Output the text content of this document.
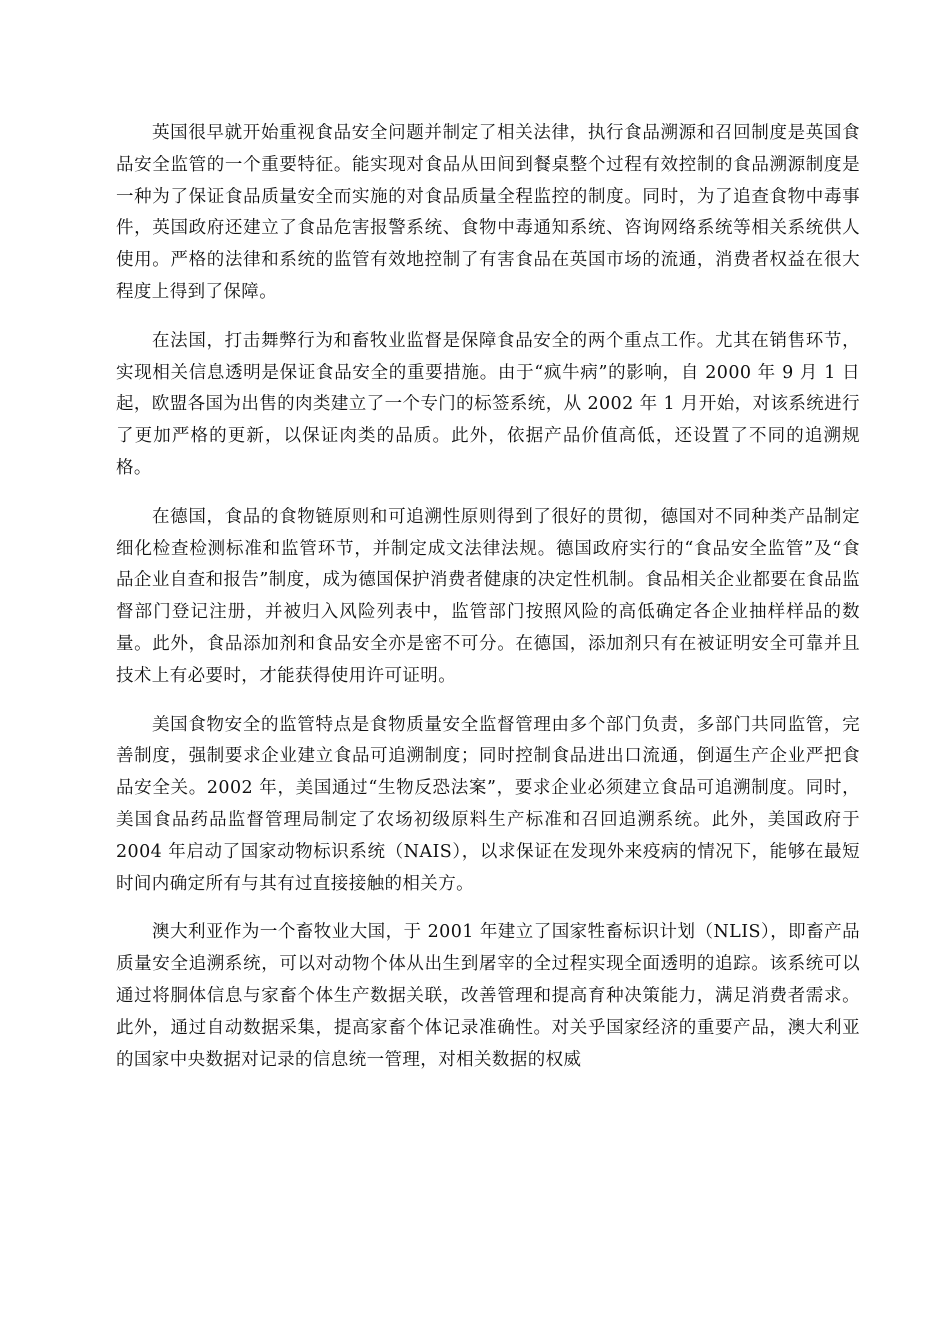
英国很早就开始重视食品安全问题并制定了相关法律，执行食品溯源和召回制度是英国食品安全监管的一个重要特征。能实现对食品从田间到餐桌整个过程有效控制的食品溯源制度是一种为了保证食品质量安全而实施的对食品质量全程监控的制度。同时，为了追查食物中毒事件，英国政府还建立了食品危害报警系统、食物中毒通知系统、咨询网络系统等相关系统供人使用。严格的法律和系统的监管有效地控制了有害食品在英国市场的流通，消费者权益在很大程度上得到了保障。

在法国，打击舞弊行为和畜牧业监督是保障食品安全的两个重点工作。尤其在销售环节，实现相关信息透明是保证食品安全的重要措施。由于“疯牛病”的影响，自 2000 年 9 月 1 日起，欧盟各国为出售的肉类建立了一个专门的标签系统，从 2002 年 1 月开始，对该系统进行了更加严格的更新，以保证肉类的品质。此外，依据产品价值高低，还设置了不同的追溯规格。

在德国，食品的食物链原则和可追溯性原则得到了很好的贯彻，德国对不同种类产品制定细化检查检测标准和监管环节，并制定成文法律法规。德国政府实行的“食品安全监管”及“食品企业自查和报告”制度，成为德国保护消费者健康的决定性机制。食品相关企业都要在食品监督部门登记注册，并被归入风险列表中，监管部门按照风险的高低确定各企业抽样样品的数量。此外，食品添加剂和食品安全亦是密不可分。在德国，添加剂只有在被证明安全可靠并且技术上有必要时，才能获得使用许可证明。

美国食物安全的监管特点是食物质量安全监督管理由多个部门负责，多部门共同监管，完善制度，强制要求企业建立食品可追溯制度；同时控制食品进出口流通，倒逼生产企业严把食品安全关。2002 年，美国通过“生物反恐法案”，要求企业必须建立食品可追溯制度。同时，美国食品药品监督管理局制定了农场初级原料生产标准和召回追溯系统。此外，美国政府于 2004 年启动了国家动物标识系统（NAIS），以求保证在发现外来疫病的情况下，能够在最短时间内确定所有与其有过直接接触的相关方。

澳大利亚作为一个畜牧业大国，于 2001 年建立了国家牲畜标识计划（NLIS），即畜产品质量安全追溯系统，可以对动物个体从出生到屠宰的全过程实现全面透明的追踪。该系统可以通过将胴体信息与家畜个体生产数据关联，改善管理和提高育种决策能力，满足消费者需求。此外，通过自动数据采集，提高家畜个体记录准确性。对关乎国家经济的重要产品，澳大利亚的国家中央数据对记录的信息统一管理，对相关数据的权威
